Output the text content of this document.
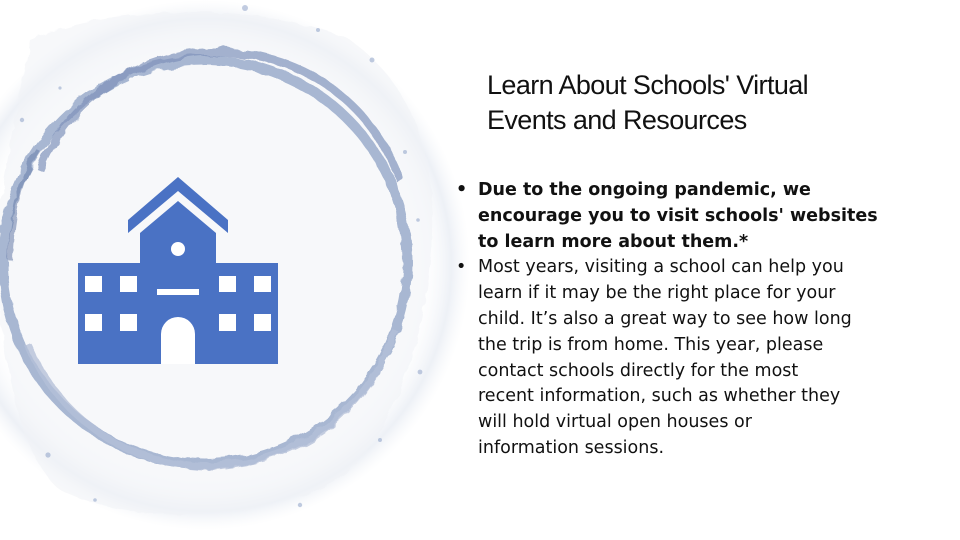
Learn About Schools' Virtual
Events and Resources
• Due to the ongoing pandemic, we
encourage you to visit schools' websites
to learn more about them.*
• Most years, visiting a school can help you
learn if it may be the right place for your
child. It’s also a great way to see how long
the trip is from home. This year, please
contact schools directly for the most
recent information, such as whether they
will hold virtual open houses or
information sessions.
